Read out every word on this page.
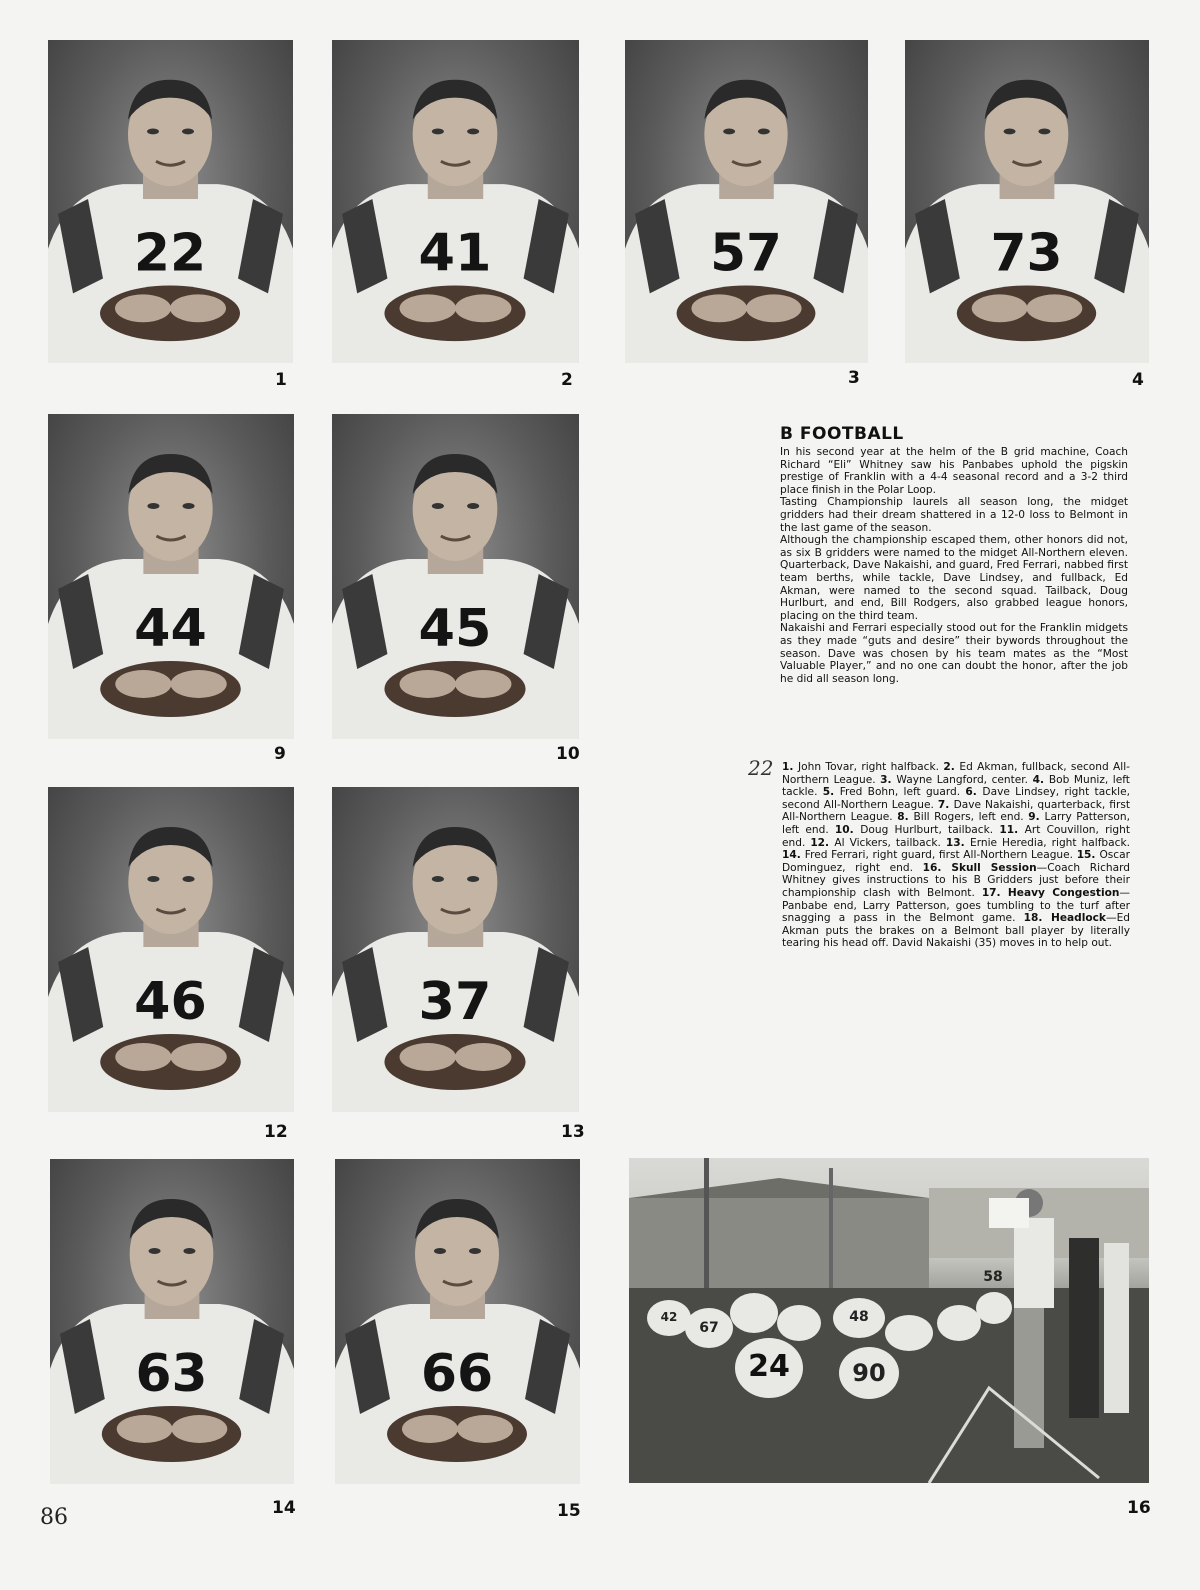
22
1
41
2
57
3
73
4
44
9
45
10
46
12
37
13
63
14
66
15	16
24
58
48
67
90
42
B FOOTBALL

In his second year at the helm of the B grid machine, Coach Richard “Eli” Whitney saw his Panbabes uphold the pigskin prestige of Franklin with a 4-4 seasonal record and a 3-2 third place finish in the Polar Loop.

Tasting Championship laurels all season long, the midget gridders had their dream shattered in a 12-0 loss to Belmont in the last game of the season.

Although the championship escaped them, other honors did not, as six B gridders were named to the midget All-Northern eleven. Quarterback, Dave Nakaishi, and guard, Fred Ferrari, nabbed first team berths, while tackle, Dave Lindsey, and fullback, Ed Akman, were named to the second squad. Tailback, Doug Hurlburt, and end, Bill Rodgers, also grabbed league honors, placing on the third team.

Nakaishi and Ferrari especially stood out for the Franklin midgets as they made “guts and desire” their bywords throughout the season. Dave was chosen by his team mates as the “Most Valuable Player,” and no one can doubt the honor, after the job he did all season long.

22 1. John Tovar, right halfback. 2. Ed Akman, fullback, second All-Northern League. 3. Wayne Langford, center. 4. Bob Muniz, left tackle. 5. Fred Bohn, left guard. 6. Dave Lindsey, right tackle, second All-Northern League. 7. Dave Nakaishi, quarterback, first All-Northern League. 8. Bill Rogers, left end. 9. Larry Patterson, left end. 10. Doug Hurlburt, tailback. 11. Art Couvillon, right end. 12. Al Vickers, tailback. 13. Ernie Heredia, right halfback. 14. Fred Ferrari, right guard, first All-Northern League. 15. Oscar Dominguez, right end. 16. Skull Session—Coach Richard Whitney gives instructions to his B Gridders just before their championship clash with Belmont. 17. Heavy Congestion—Panbabe end, Larry Patterson, goes tumbling to the turf after snagging a pass in the Belmont game. 18. Headlock—Ed Akman puts the brakes on a Belmont ball player by literally tearing his head off. David Nakaishi (35) moves in to help out.
86
